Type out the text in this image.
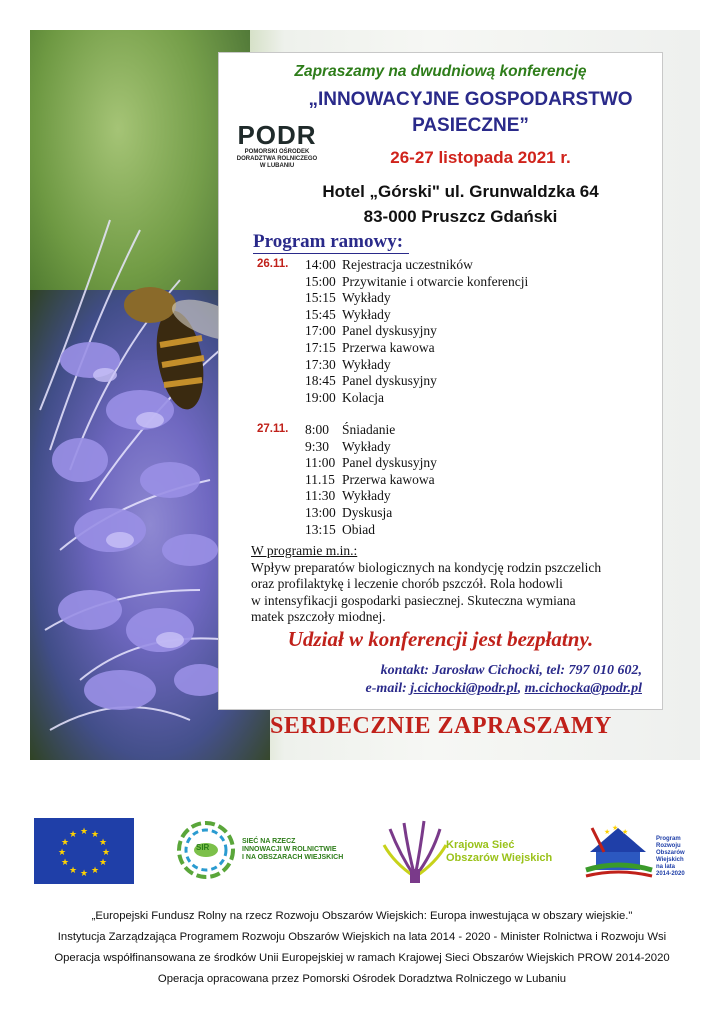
Zapraszamy na dwudniową konferencję
„INNOWACYJNE GOSPODARSTWO
PASIECZNE”
PODR
POMORSKI OŚRODEK
DORADZTWA ROLNICZEGO
W LUBANIU	26-27 listopada 2021 r.
Hotel „Górski" ul. Grunwaldzka 64
83-000 Pruszcz Gdański
Program ramowy:
26.11. 14:00 Rejestracja uczestników
15:00 Przywitanie i otwarcie konferencji
15:15 Wykłady
15:45 Wykłady
17:00 Panel dyskusyjny
17:15 Przerwa kawowa
17:30 Wykłady
18:45 Panel dyskusyjny
19:00 Kolacja
27.11. 8:00 Śniadanie
9:30 Wykłady
11:00 Panel dyskusyjny
11.15 Przerwa kawowa
11:30 Wykłady
13:00 Dyskusja
13:15 Obiad
W programie m.in.:
Wpływ preparatów biologicznych na kondycję rodzin pszczelich
oraz profilaktykę i leczenie chorób pszczół. Rola hodowli
w intensyfikacji gospodarki pasiecznej. Skuteczna wymiana
matek pszczoły miodnej.
Udział w konferencji jest bezpłatny.
kontakt: Jarosław Cichocki, tel: 797 010 602,
e-mail: j.cichocki@podr.pl, m.cichocka@podr.pl
SERDECZNIE ZAPRASZAMY
★ ★
★
★
★
★
★
★
★
★
★
★
SIR
SIEĆ NA RZECZ
INNOWACJI W ROLNICTWIE
I NA OBSZARACH WIEJSKICH
Krajowa Sieć
Obszarów Wiejskich
★ ★
★
Program
Rozwoju
Obszarów
Wiejskich
na lata 2014-2020
„Europejski Fundusz Rolny na rzecz Rozwoju Obszarów Wiejskich: Europa inwestująca w obszary wiejskie."
Instytucja Zarządzająca Programem Rozwoju Obszarów Wiejskich na lata 2014 - 2020 - Minister Rolnictwa i Rozwoju Wsi
Operacja współfinansowana ze środków Unii Europejskiej w ramach Krajowej Sieci Obszarów Wiejskich PROW 2014-2020
Operacja opracowana przez Pomorski Ośrodek Doradztwa Rolniczego w Lubaniu
